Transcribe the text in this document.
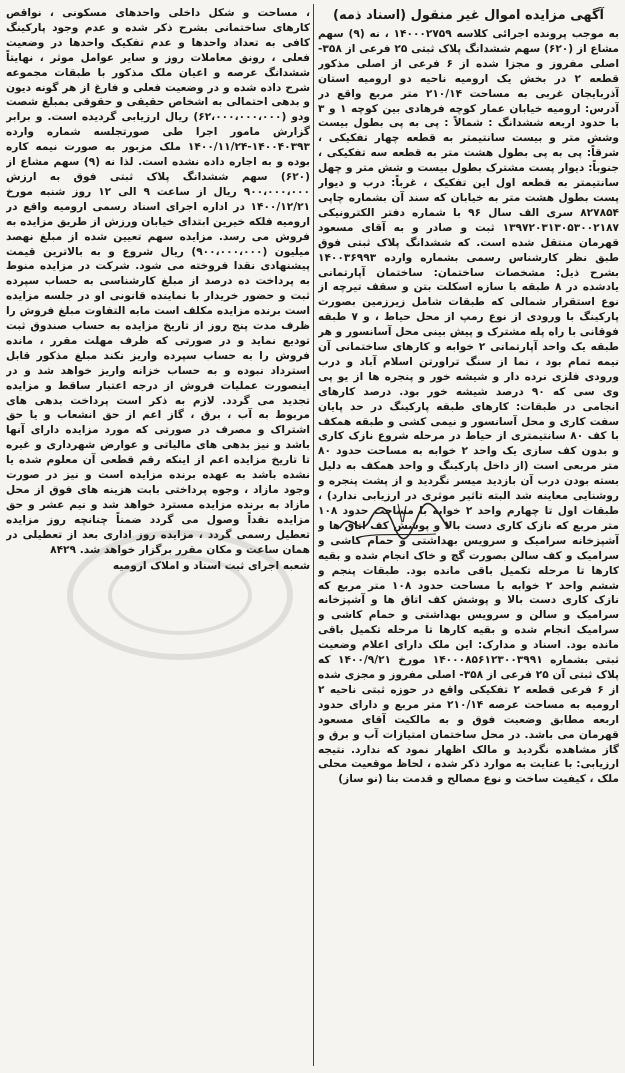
آگهی مزایده اموال غیر منقول (اسناد ذمه)

به موجب پرونده اجرائی کلاسه ۱۴۰۰۰۲۷۵۹ ، نه (۹) سهم مشاع از (۶۲۰) سهم ششدانگ پلاک ثبتی ۲۵ فرعی از ۳۵۸- اصلی مفروز و مجزا شده از ۶ فرعی از اصلی مذکور قطعه ۲ در بخش یک ارومیه ناحیه دو ارومیه استان آذربایجان غربی به مساحت ۲۱۰/۱۴ متر مربع واقع در آدرس: ارومیه خیابان عمار کوچه فرهادی بین کوچه ۱ و ۳ با حدود اربعه ششدانگ : شمالاً : پی به پی بطول بیست وشش متر و بیست سانتیمتر به قطعه چهار تفکیکی ، شرقاً: پی به پی بطول هشت متر به قطعه سه تفکیکی ، جنوباً: دیوار پست مشترک بطول بیست و شش متر و چهل سانتیمتر به قطعه اول این تفکیک ، غرباً: درب و دیوار پست بطول هشت متر به خیابان که سند آن بشماره چاپی ۸۲۷۸۵۴ سری الف سال ۹۶ با شماره دفتر الکترونیکی ۱۳۹۷۲۰۳۱۳۰۵۳۰۰۲۱۸۷ ثبت و صادر و به آقای مسعود قهرمان منتقل شده است. که ششدانگ پلاک ثبتی فوق طبق نظر کارشناس رسمی بشماره وارده ۱۴۰۰۳۶۹۹۳ بشرح ذیل: مشخصات ساختمان: ساختمان آپارتمانی یادشده در ۸ طبقه با سازه اسکلت بتن و سقف تیرچه از نوع استقرار شمالی که طبقات شامل زیرزمین بصورت پارکینگ با ورودی از نوع رمپ از محل حیاط ، و ۷ طبقه فوقانی با راه پله مشترک و پیش بینی محل آسانسور و هر طبقه یک واحد آپارتمانی ۲ خوابه و کارهای ساختمانی آن نیمه تمام بود ، نما از سنگ تراورتن اسلام آباد و درب ورودی فلزی نرده دار و شیشه خور و پنجره ها از یو پی وی سی که ۹۰ درصد شیشه خور بود. درصد کارهای انجامی در طبقات: کارهای طبقه پارکینگ در حد پایان سفت کاری و محل آسانسور و نیمی کشی و طبقه همکف با کف ۸۰ سانتیمتری از حیاط در مرحله شروع نازک کاری و بدون کف سازی یک واحد ۲ خوابه به مساحت حدود ۸۰ متر مربعی است (از داخل پارکینگ و واحد همکف به دلیل بسته بودن درب آن بازدید میسر نگردید و از پشت پنجره و روشنایی معاینه شد البته تاثیر موثری در ارزیابی ندارد) ، طبقات اول تا چهارم واحد ۲ خوابه با مساحت حدود ۱۰۸ متر مربع که نازک کاری دست بالا و پوشش کف اتاق ها و آشپزخانه سرامیک و سرویس بهداشتی و حمام کاشی و سرامیک و کف سالن بصورت گچ و خاک انجام شده و بقیه کارها تا مرحله تکمیل باقی مانده بود. طبقات پنجم و ششم واحد ۲ خوابه با مساحت حدود ۱۰۸ متر مربع که نازک کاری دست بالا و پوشش کف اتاق ها و آشپزخانه سرامیک و سالن و سرویس بهداشتی و حمام کاشی و سرامیک انجام شده و بقیه کارها تا مرحله تکمیل باقی مانده بود. اسناد و مدارک: این ملک دارای اعلام وضعیت ثبتی بشماره ۱۴۰۰۰۸۵۶۱۲۳۰۰۳۹۹۱ مورخ ۱۴۰۰/۹/۲۱ که پلاک ثبتی آن ۲۵ فرعی از ۳۵۸- اصلی مفروز و مجزی شده از ۶ فرعی قطعه ۲ تفکیکی واقع در حوزه ثبتی ناحیه ۲ ارومیه به مساحت عرصه ۲۱۰/۱۴ متر مربع و دارای حدود اربعه مطابق وضعیت فوق و به مالکیت آقای مسعود قهرمان می باشد. در محل ساختمان امتیازات آب و برق و گاز مشاهده نگردید و مالک اظهار نمود که ندارد. نتیجه ارزیابی: با عنایت به موارد ذکر شده ، لحاظ موقعیت محلی ملک ، کیفیت ساخت و نوع مصالح و قدمت بنا (نو ساز)

، مساحت و شکل داخلی واحدهای مسکونی ، نواقص کارهای ساختمانی بشرح ذکر شده و عدم وجود پارکینگ کافی به تعداد واحدها و عدم تفکیک واحدها در وضعیت فعلی ، رونق معاملات روز و سایر عوامل موثر ، نهایتاً ششدانگ عرصه و اعیان ملک مذکور با طبقات مجموعه شرح داده شده و در وضعیت فعلی و فارغ از هر گونه دیون و بدهی احتمالی به اشخاص حقیقی و حقوقی بمبلغ شصت ودو (۶۲،۰۰۰،۰۰۰،۰۰۰) ریال ارزیابی گردیده است. و برابر گزارش مامور اجرا طی صورتجلسه شماره وارده ۱۴۰۰۴۰۳۹۳-۱۴۰۰/۱۱/۲۴ ملک مزبور به صورت نیمه کاره بوده و به اجاره داده نشده است. لذا نه (۹) سهم مشاع از (۶۲۰) سهم ششدانگ پلاک ثبتی فوق به ارزش ۹۰۰،۰۰۰،۰۰۰ ریال از ساعت ۹ الی ۱۲ روز شنبه مورخ ۱۴۰۰/۱۲/۲۱ در اداره اجرای اسناد رسمی ارومیه واقع در ارومیه فلکه خیرین ابتدای خیابان ورزش از طریق مزایده به فروش می رسد. مزایده سهم تعیین شده از مبلغ نهصد میلیون (۹۰۰،۰۰۰،۰۰۰) ریال شروع و به بالاترین قیمت پیشنهادی نقدا فروخته می شود. شرکت در مزایده منوط به پرداخت ده درصد از مبلغ کارشناسی به حساب سپرده ثبت و حضور خریدار با نماینده قانونی او در جلسه مزایده است برنده مزایده مکلف است مابه التفاوت مبلغ فروش را ظرف مدت پنج روز از تاریخ مزایده به حساب صندوق ثبت تودیع نماید و در صورتی که ظرف مهلت مقرر ، مانده فروش را به حساب سپرده واریز نکند مبلغ مذکور قابل استرداد نبوده و به حساب خزانه واریز خواهد شد و در اینصورت عملیات فروش از درجه اعتبار ساقط و مزایده تجدید می گردد. لازم به ذکر است پرداخت بدهی های مربوط به آب ، برق ، گاز اعم از حق انشعاب و یا حق اشتراک و مصرف در صورتی که مورد مزایده دارای آنها باشد و نیز بدهی های مالیاتی و عوارض شهرداری و غیره تا تاریخ مزایده اعم از اینکه رقم قطعی آن معلوم شده یا نشده باشد به عهده برنده مزایده است و نیز در صورت وجود مازاد ، وجوه پرداختی بابت هزینه های فوق از محل مازاد به برنده مزایده مسترد خواهد شد و نیم عشر و حق مزایده نقداً وصول می گردد ضمناً چنانچه روز مزایده تعطیل رسمی گردد ، مزایده روز اداری بعد از تعطیلی در همان ساعت و مکان مقرر برگزار خواهد شد. ۸۴۲۹

شعبه اجرای ثبت اسناد و املاک ارومیه
